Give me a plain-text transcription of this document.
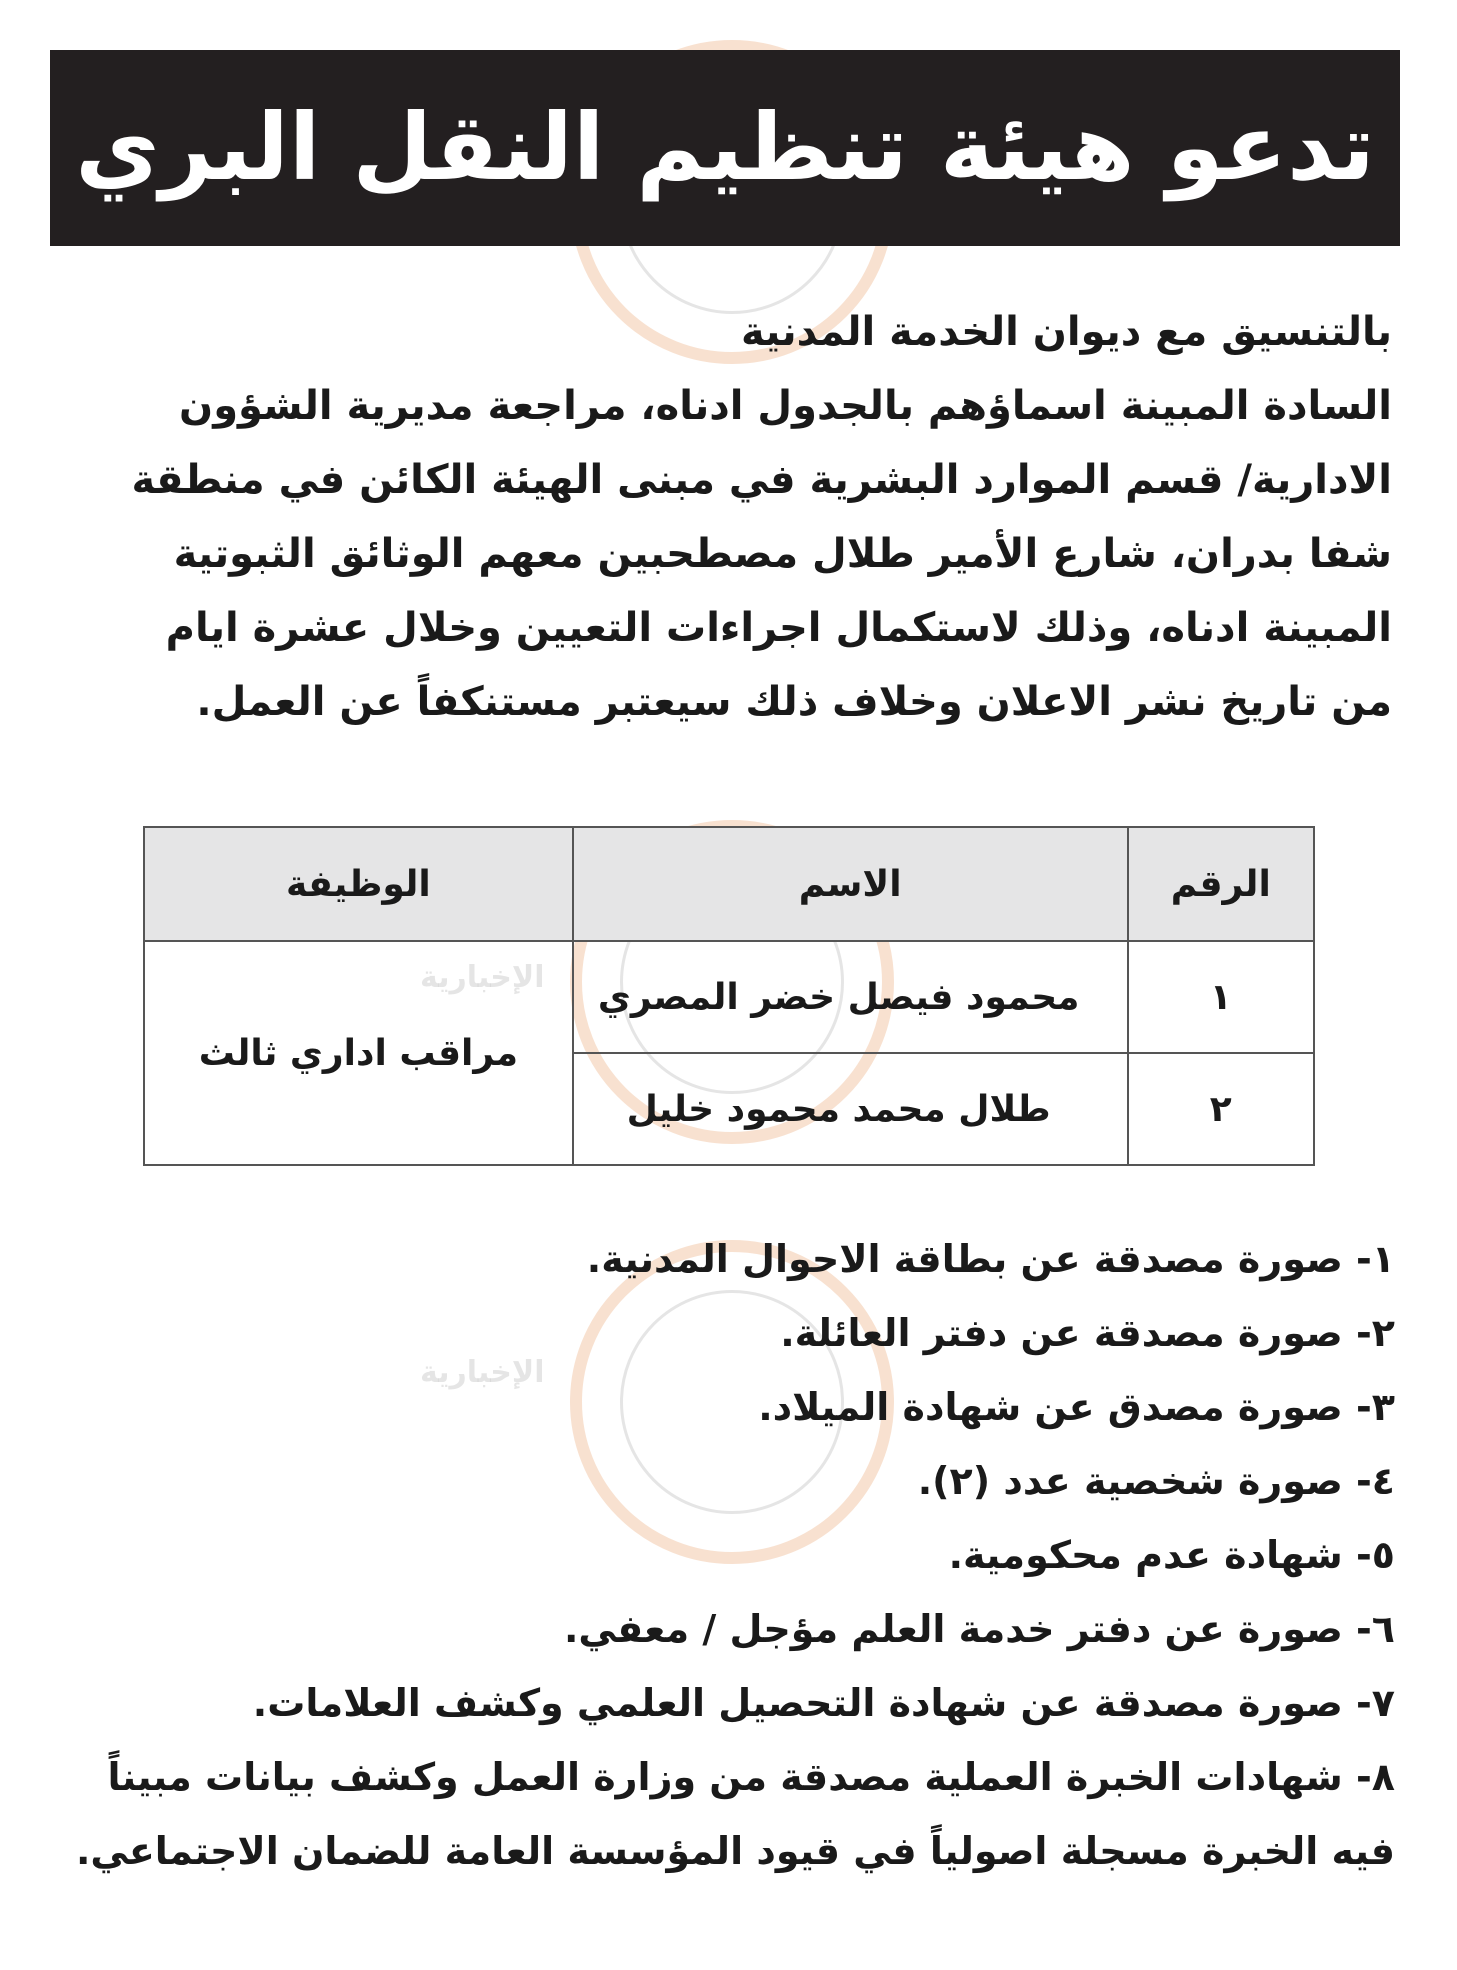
الإخبارية
الإخبارية
تدعو هيئة تنظيم النقل البري
بالتنسيق مع ديوان الخدمة المدنية
السادة المبينة اسماؤهم بالجدول ادناه، مراجعة مديرية الشؤون
الادارية/ قسم الموارد البشرية في مبنى الهيئة الكائن في منطقة
شفا بدران، شارع الأمير طلال مصطحبين معهم الوثائق الثبوتية
المبينة ادناه، وذلك لاستكمال اجراءات التعيين وخلال عشرة ايام
من تاريخ نشر الاعلان وخلاف ذلك سيعتبر مستنكفاً عن العمل.
الرقم	الاسم	الوظيفة
١	محمود فيصل خضر المصري	مراقب اداري ثالث
٢	طلال محمد محمود خليل	
١- صورة مصدقة عن بطاقة الاحوال المدنية.
٢- صورة مصدقة عن دفتر العائلة.
٣- صورة مصدق عن شهادة الميلاد.
٤- صورة شخصية عدد (٢).
٥- شهادة عدم محكومية.
٦- صورة عن دفتر خدمة العلم مؤجل / معفي.
٧- صورة مصدقة عن شهادة التحصيل العلمي وكشف العلامات.
٨- شهادات الخبرة العملية مصدقة من وزارة العمل وكشف بيانات مبيناً
فيه الخبرة مسجلة اصولياً في قيود المؤسسة العامة للضمان الاجتماعي.
